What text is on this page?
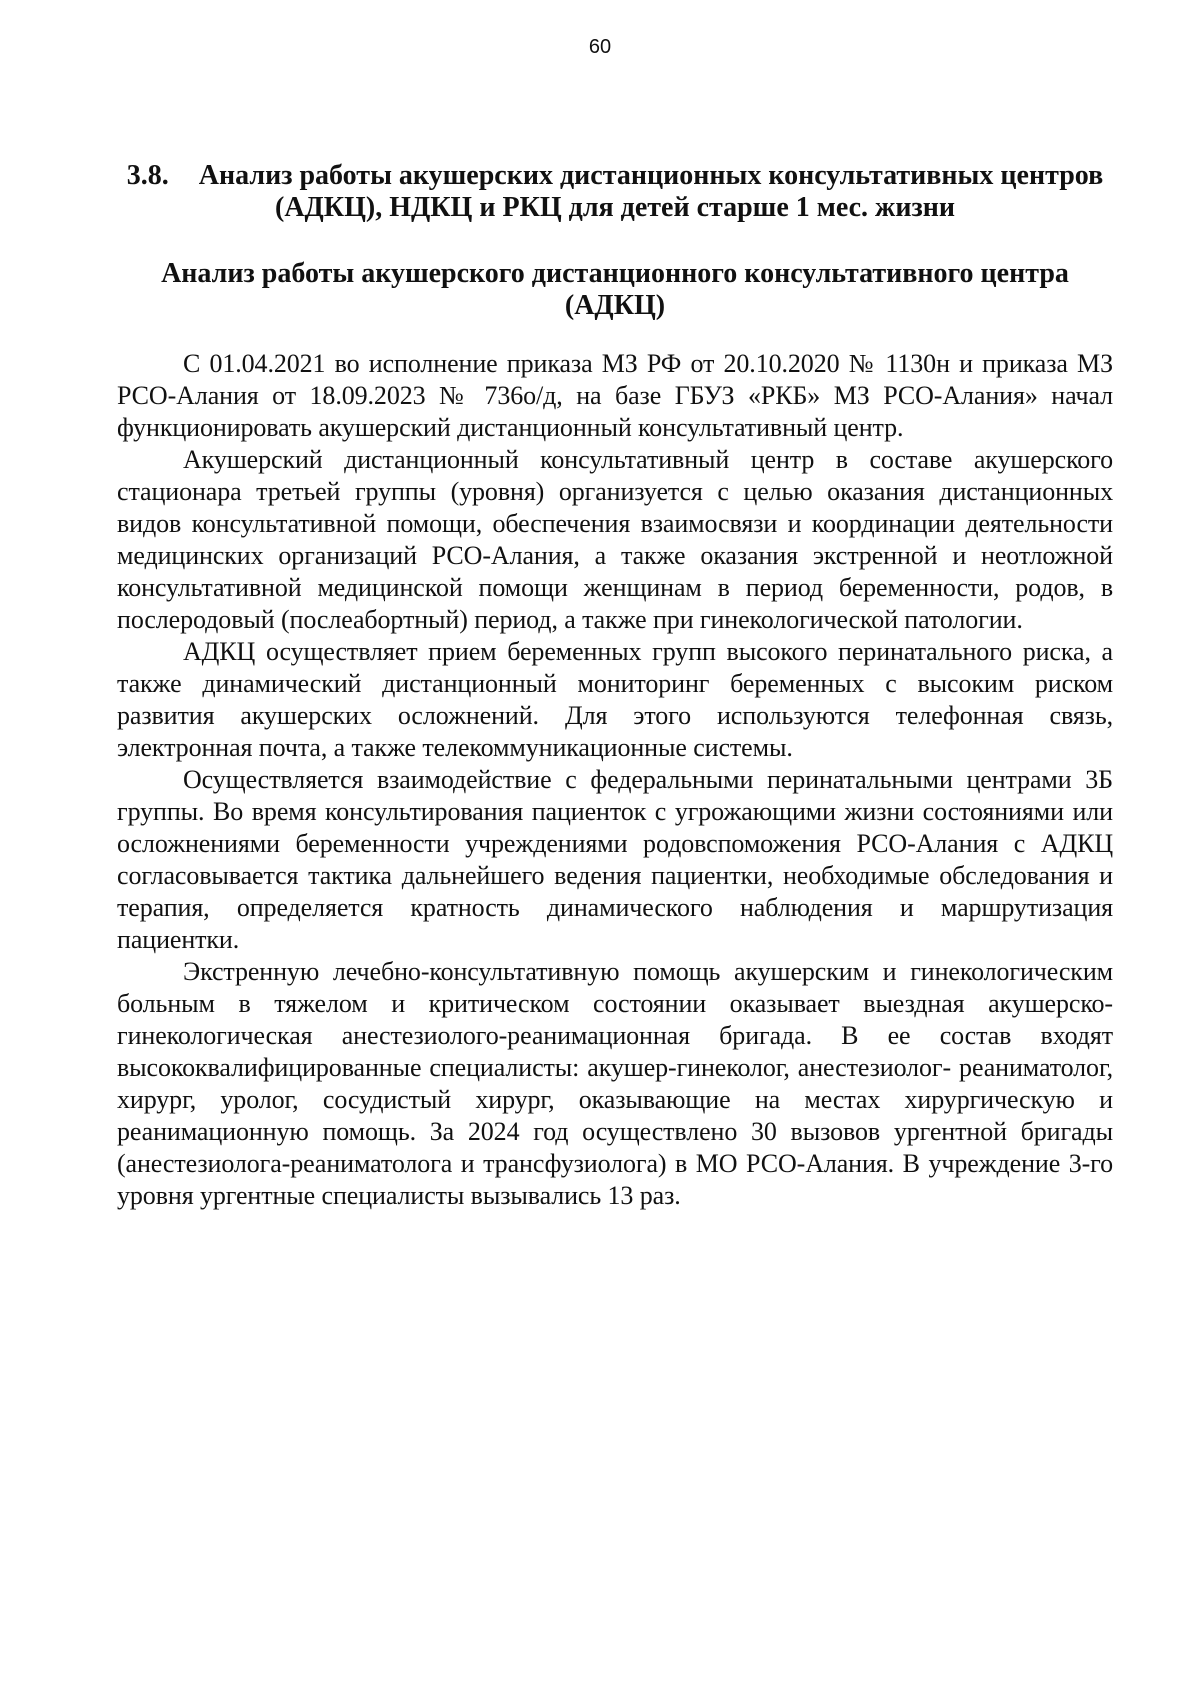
60
3.8. Анализ работы акушерских дистанционных консультативных центров (АДКЦ), НДКЦ и РКЦ для детей старше 1 мес. жизни
Анализ работы акушерского дистанционного консультативного центра (АДКЦ)

С 01.04.2021 во исполнение приказа МЗ РФ от 20.10.2020 № 1130н и приказа МЗ РСО-Алания от 18.09.2023 № 736о/д, на базе ГБУЗ «РКБ» МЗ РСО-Алания» начал функционировать акушерский дистанционный консультативный центр.

Акушерский дистанционный консультативный центр в составе акушерского стационара третьей группы (уровня) организуется с целью оказания дистанционных видов консультативной помощи, обеспечения взаимосвязи и координации деятельности медицинских организаций РСО-Алания, а также оказания экстренной и неотложной консультативной медицинской помощи женщинам в период беременности, родов, в послеродовый (послеабортный) период, а также при гинекологической патологии.

АДКЦ осуществляет прием беременных групп высокого перинатального риска, а также динамический дистанционный мониторинг беременных с высоким риском развития акушерских осложнений. Для этого используются телефонная связь, электронная почта, а также телекоммуникационные системы.

Осуществляется взаимодействие с федеральными перинатальными центрами 3Б группы. Во время консультирования пациенток с угрожающими жизни состояниями или осложнениями беременности учреждениями родовспоможения РСО-Алания с АДКЦ согласовывается тактика дальнейшего ведения пациентки, необходимые обследования и терапия, определяется кратность динамического наблюдения и маршрутизация пациентки.

Экстренную лечебно-консультативную помощь акушерским и гинекологическим больным в тяжелом и критическом состоянии оказывает выездная акушерско-гинекологическая анестезиолого-реанимационная бригада. В ее состав входят высококвалифицированные специалисты: акушер-гинеколог, анестезиолог- реаниматолог, хирург, уролог, сосудистый хирург, оказывающие на местах хирургическую и реанимационную помощь. За 2024 год осуществлено 30 вызовов ургентной бригады (анестезиолога-реаниматолога и трансфузиолога) в МО РСО-Алания. В учреждение 3-го уровня ургентные специалисты вызывались 13 раз.
